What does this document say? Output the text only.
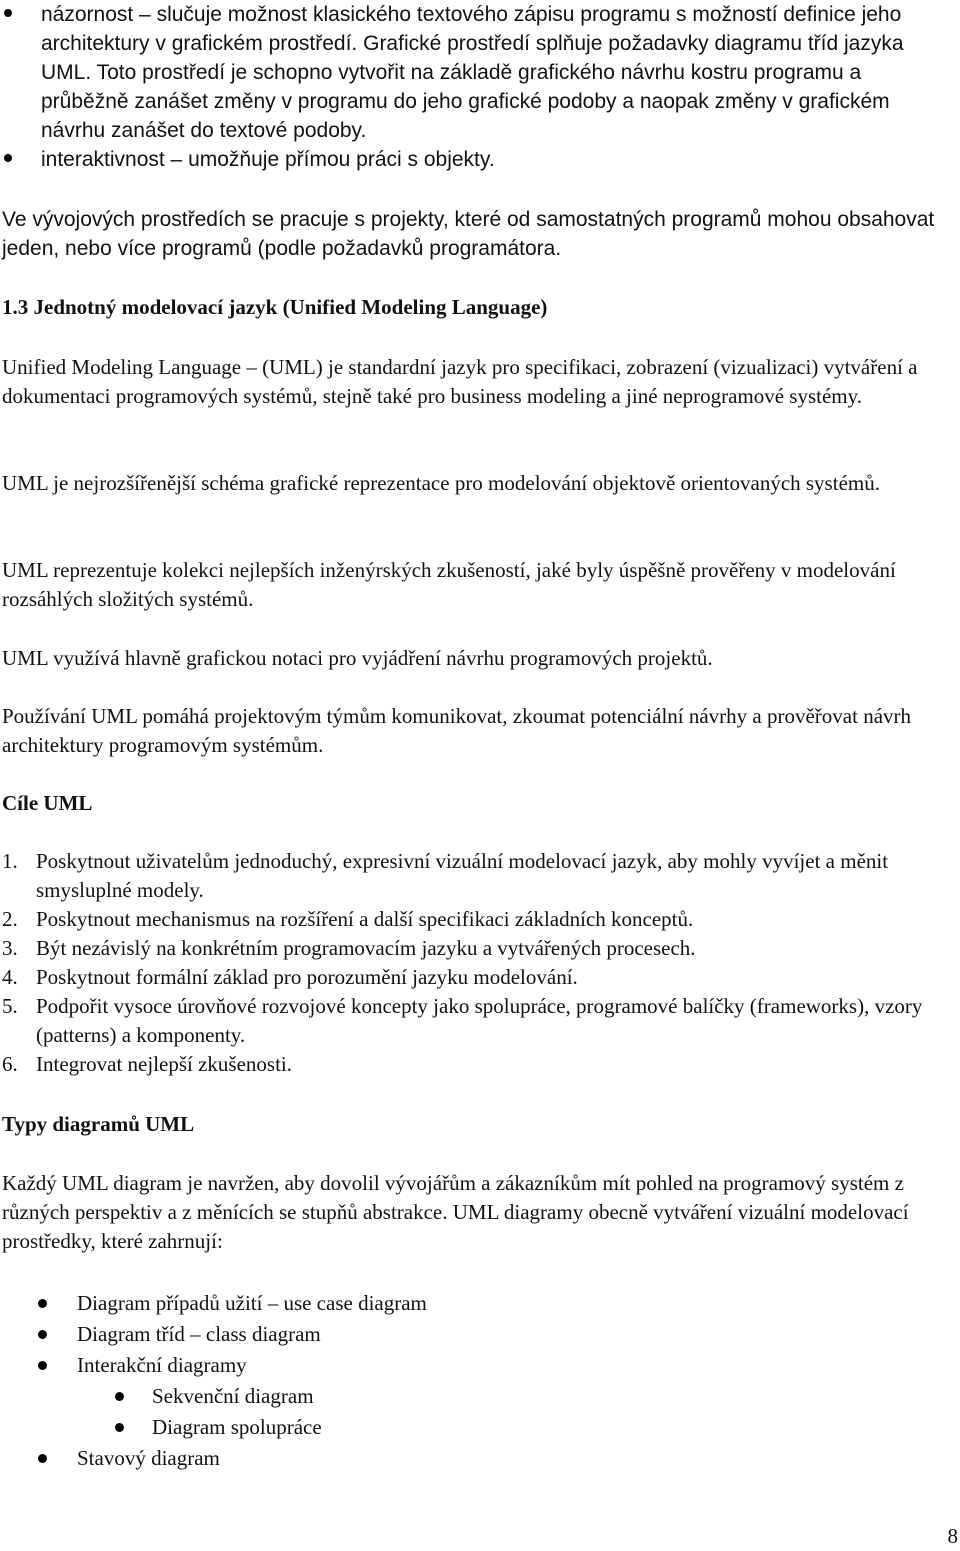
názornost – slučuje možnost klasického textového zápisu programu s možností definice jeho architektury v grafickém prostředí. Grafické prostředí splňuje požadavky diagramu tříd jazyka UML. Toto prostředí je schopno vytvořit na základě grafického návrhu kostru programu a průběžně zanášet změny v programu do jeho grafické podoby a naopak změny v grafickém návrhu zanášet do textové podoby.
interaktivnost – umožňuje přímou práci s objekty.

Ve vývojových prostředích se pracuje s projekty, které od samostatných programů mohou obsahovat jeden, nebo více programů (podle požadavků programátora.

1.3 Jednotný modelovací jazyk (Unified Modeling Language)

Unified Modeling Language – (UML) je standardní jazyk pro specifikaci, zobrazení (vizualizaci) vytváření a dokumentaci programových systémů, stejně také pro business modeling a jiné neprogramové systémy.

UML je nejrozšířenější schéma grafické reprezentace pro modelování objektově orientovaných systémů.

UML reprezentuje kolekci nejlepších inženýrských zkušeností, jaké byly úspěšně prověřeny v modelování rozsáhlých složitých systémů.

UML využívá hlavně grafickou notaci pro vyjádření návrhu programových projektů.

Používání UML pomáhá projektovým týmům komunikovat, zkoumat potenciální návrhy a prověřovat návrh architektury programovým systémům.

Cíle UML
1. Poskytnout uživatelům jednoduchý, expresivní vizuální modelovací jazyk, aby mohly vyvíjet a měnit smysluplné modely.
2. Poskytnout mechanismus na rozšíření a další specifikaci základních konceptů.
3. Být nezávislý na konkrétním programovacím jazyku a vytvářených procesech.
4. Poskytnout formální základ pro porozumění jazyku modelování.
5. Podpořit vysoce úrovňové rozvojové koncepty jako spolupráce, programové balíčky (frameworks), vzory (patterns) a komponenty.
6. Integrovat nejlepší zkušenosti.
Typy diagramů UML

Každý UML diagram je navržen, aby dovolil vývojářům a zákazníkům mít pohled na programový systém z různých perspektiv a z měnících se stupňů abstrakce. UML diagramy obecně vytváření vizuální modelovací prostředky, které zahrnují:

Diagram případů užití – use case diagram
Diagram tříd – class diagram
Interakční diagramy
Sekvenční diagram
Diagram spolupráce
Stavový diagram
8
